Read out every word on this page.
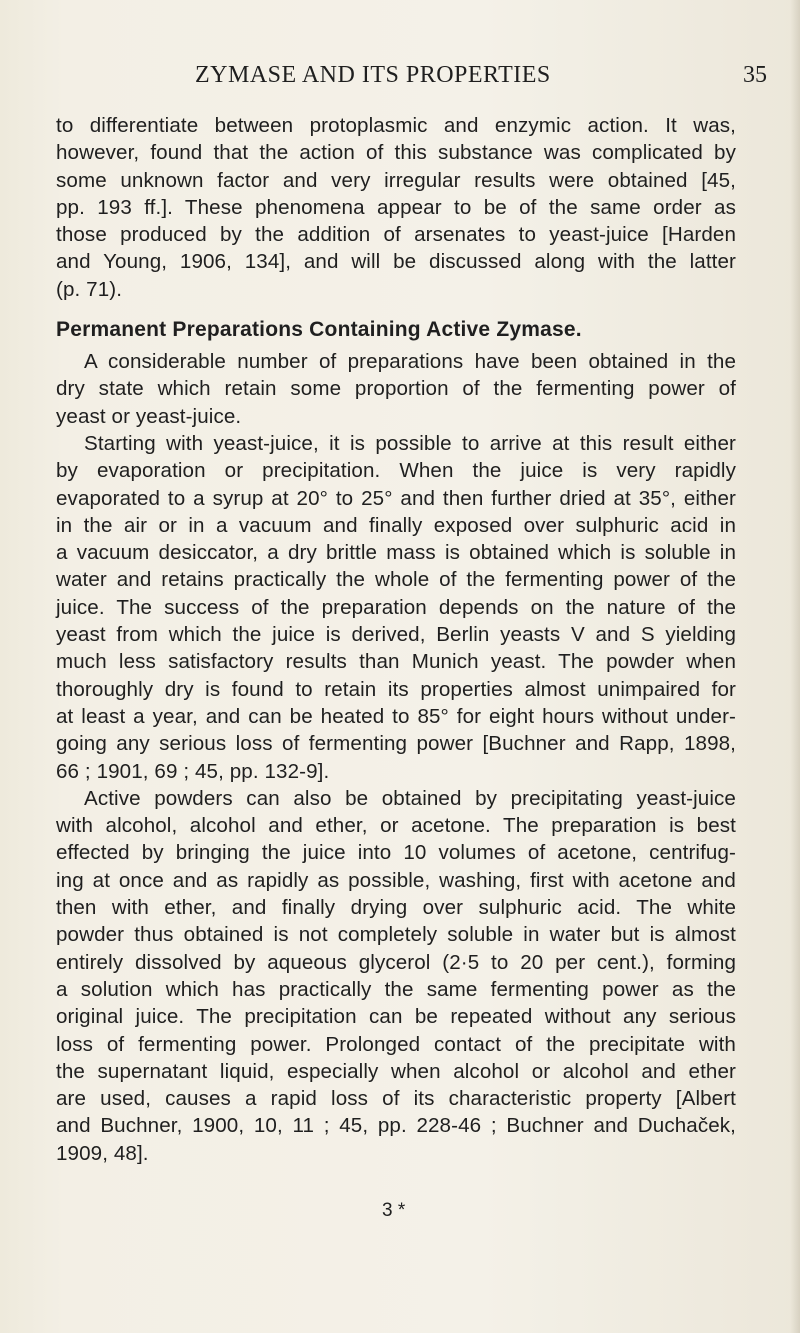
ZYMASE AND ITS PROPERTIES	35
to differentiate between protoplasmic and enzymic action. It was,
however, found that the action of this substance was complicated by
some unknown factor and very irregular results were obtained [45,
pp. 193 ff.]. These phenomena appear to be of the same order as
those produced by the addition of arsenates to yeast-juice [Harden
and Young, 1906, 134], and will be discussed along with the latter
(p. 71).
Permanent Preparations Containing Active Zymase.
A considerable number of preparations have been obtained in the
dry state which retain some proportion of the fermenting power of
yeast or yeast-juice.
Starting with yeast-juice, it is possible to arrive at this result either
by evaporation or precipitation. When the juice is very rapidly
evaporated to a syrup at 20° to 25° and then further dried at 35°, either
in the air or in a vacuum and finally exposed over sulphuric acid in
a vacuum desiccator, a dry brittle mass is obtained which is soluble in
water and retains practically the whole of the fermenting power of the
juice. The success of the preparation depends on the nature of the
yeast from which the juice is derived, Berlin yeasts V and S yielding
much less satisfactory results than Munich yeast. The powder when
thoroughly dry is found to retain its properties almost unimpaired for
at least a year, and can be heated to 85° for eight hours without under-
going any serious loss of fermenting power [Buchner and Rapp, 1898,
66 ; 1901, 69 ; 45, pp. 132-9].
Active powders can also be obtained by precipitating yeast-juice
with alcohol, alcohol and ether, or acetone. The preparation is best
effected by bringing the juice into 10 volumes of acetone, centrifug-
ing at once and as rapidly as possible, washing, first with acetone and
then with ether, and finally drying over sulphuric acid. The white
powder thus obtained is not completely soluble in water but is almost
entirely dissolved by aqueous glycerol (2·5 to 20 per cent.), forming
a solution which has practically the same fermenting power as the
original juice. The precipitation can be repeated without any serious
loss of fermenting power. Prolonged contact of the precipitate with
the supernatant liquid, especially when alcohol or alcohol and ether
are used, causes a rapid loss of its characteristic property [Albert
and Buchner, 1900, 10, 11 ; 45, pp. 228-46 ; Buchner and Duchaček,
1909, 48].
3 *
